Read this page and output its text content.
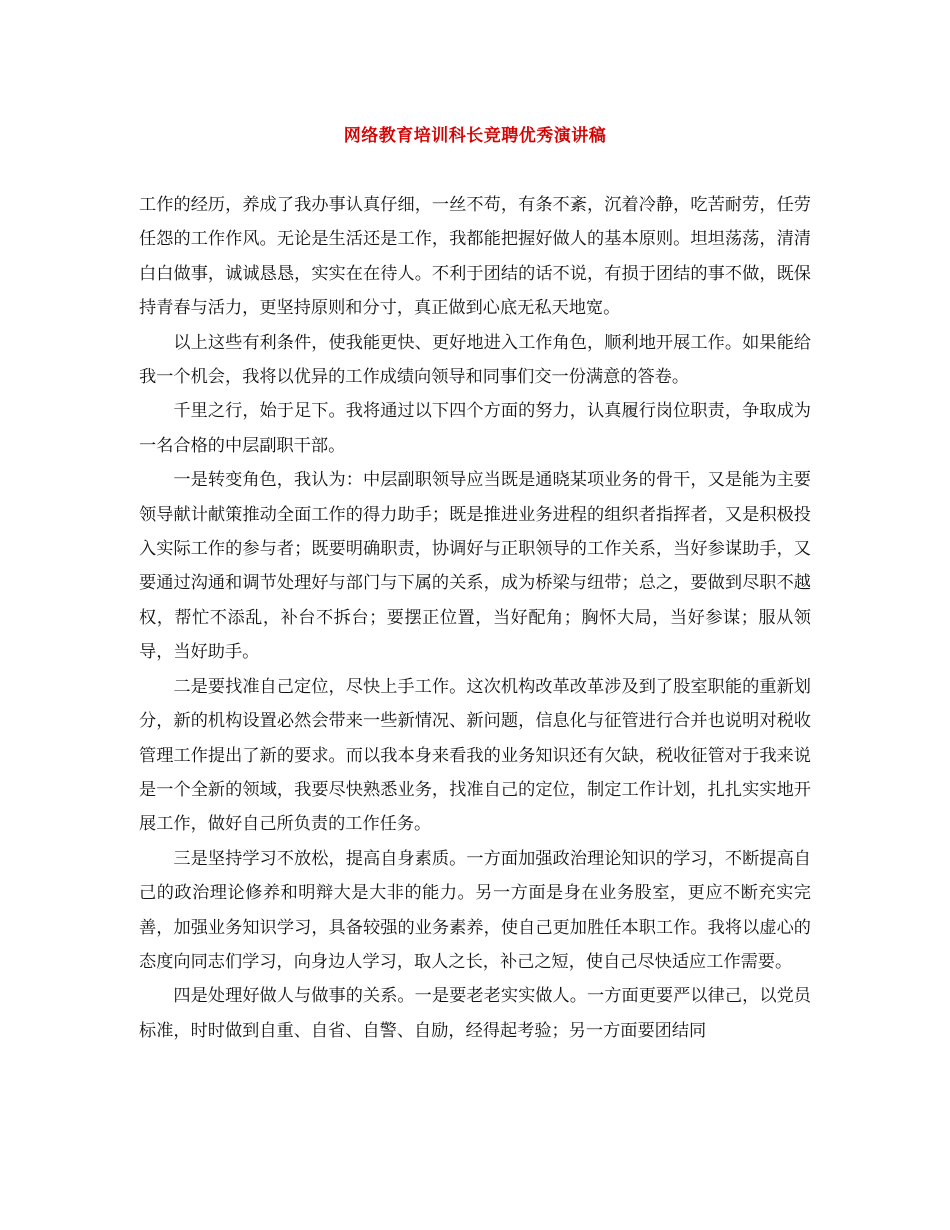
网络教育培训科长竞聘优秀演讲稿

工作的经历，养成了我办事认真仔细，一丝不苟，有条不紊，沉着冷静，吃苦耐劳，任劳任怨的工作作风。无论是生活还是工作，我都能把握好做人的基本原则。坦坦荡荡，清清白白做事，诚诚恳恳，实实在在待人。不利于团结的话不说，有损于团结的事不做，既保持青春与活力，更坚持原则和分寸，真正做到心底无私天地宽。

以上这些有利条件，使我能更快、更好地进入工作角色，顺利地开展工作。如果能给我一个机会，我将以优异的工作成绩向领导和同事们交一份满意的答卷。

千里之行，始于足下。我将通过以下四个方面的努力，认真履行岗位职责，争取成为一名合格的中层副职干部。

一是转变角色，我认为：中层副职领导应当既是通晓某项业务的骨干，又是能为主要领导献计献策推动全面工作的得力助手；既是推进业务进程的组织者指挥者，又是积极投入实际工作的参与者；既要明确职责，协调好与正职领导的工作关系，当好参谋助手，又要通过沟通和调节处理好与部门与下属的关系，成为桥梁与纽带；总之，要做到尽职不越权，帮忙不添乱，补台不拆台；要摆正位置，当好配角；胸怀大局，当好参谋；服从领导，当好助手。

二是要找准自己定位，尽快上手工作。这次机构改革改革涉及到了股室职能的重新划分，新的机构设置必然会带来一些新情况、新问题，信息化与征管进行合并也说明对税收管理工作提出了新的要求。而以我本身来看我的业务知识还有欠缺，税收征管对于我来说是一个全新的领域，我要尽快熟悉业务，找准自己的定位，制定工作计划，扎扎实实地开展工作，做好自己所负责的工作任务。

三是坚持学习不放松，提高自身素质。一方面加强政治理论知识的学习，不断提高自己的政治理论修养和明辩大是大非的能力。另一方面是身在业务股室，更应不断充实完善，加强业务知识学习，具备较强的业务素养，使自己更加胜任本职工作。我将以虚心的态度向同志们学习，向身边人学习，取人之长，补己之短，使自己尽快适应工作需要。

四是处理好做人与做事的关系。一是要老老实实做人。一方面更要严以律己，以党员标准，时时做到自重、自省、自警、自励，经得起考验；另一方面要团结同
